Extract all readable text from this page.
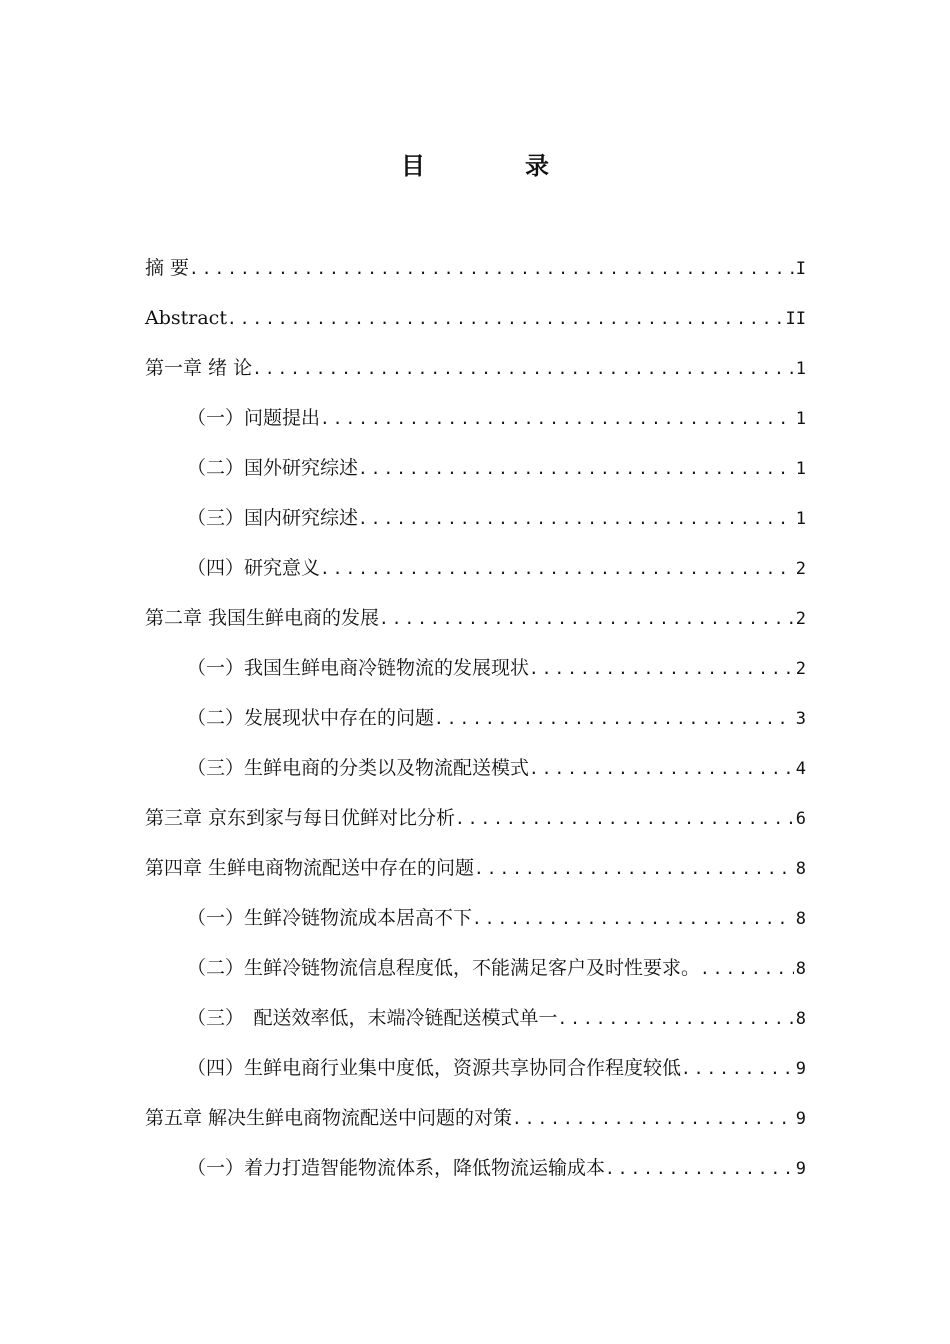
目　录
摘 要 .....	I
Abstract .....	II
第一章 绪 论 .....	1
（一）问题提出 .....	1
（二）国外研究综述 .....	1
（三）国内研究综述 .....	1
（四）研究意义 .....	2
第二章 我国生鲜电商的发展 .....	2
（一）我国生鲜电商冷链物流的发展现状 .....	2
（二）发展现状中存在的问题 .....	3
（三）生鲜电商的分类以及物流配送模式 .....	4
第三章 京东到家与每日优鲜对比分析 .....	6
第四章 生鲜电商物流配送中存在的问题 .....	8
（一）生鲜冷链物流成本居高不下 .....	8
（二）生鲜冷链物流信息程度低，不能满足客户及时性要求。 .....	8
（三）　配送效率低，末端冷链配送模式单一 .....	8
（四）生鲜电商行业集中度低，资源共享协同合作程度较低 .....	9
第五章 解决生鲜电商物流配送中问题的对策 .....	9
（一）着力打造智能物流体系，降低物流运输成本 .....	9
